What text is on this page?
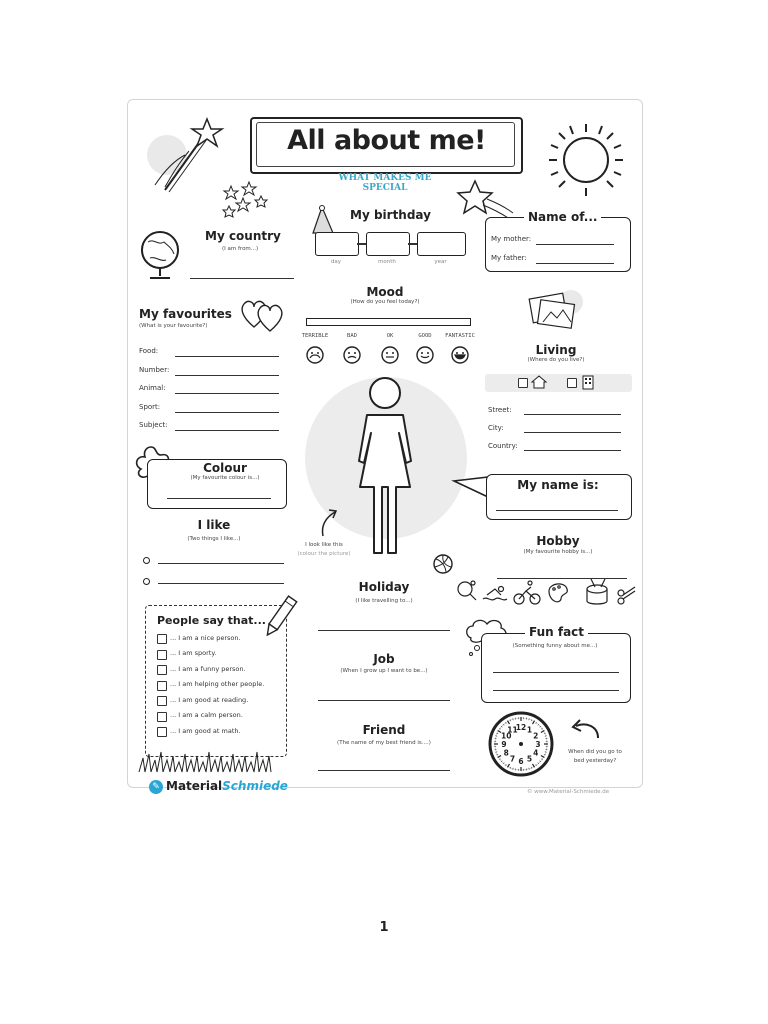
All about me!
WHAT MAKES ME SPECIAL
My birthday
day	month	year
My country
(I am from...)
Name of...
My mother:
My father:
Mood
(How do you feel today?)
TERRIBLE	BAD	OK	GOOD	FANTASTIC
My favourites
(What is your favourite?)
Food:
Number:
Animal:
Sport:
Subject:
Living
(Where do you live?)
Street:
City:
Country:
Colour
(My favourite colour is...)	My name is:
I like
(Two things I like...)
I look like this
(colour the picture)
Hobby
(My favourite hobby is...)
Holiday
(I like travelling to...)
People say that...
... I am a nice person.
... I am sporty.
... I am a funny person.
... I am helping other people.
... I am good at reading.
... I am a calm person.
... I am good at math.
Fun fact
(Something funny about me...)
Job
(When I grow up I want to be...)
Friend
(The name of my best friend is....)
12 1
2
3
4
5
6
7
8
9
10
11
When did you go to
bed yesterday?
✎ MaterialSchmiede	© www.Material-Schmiede.de
1
